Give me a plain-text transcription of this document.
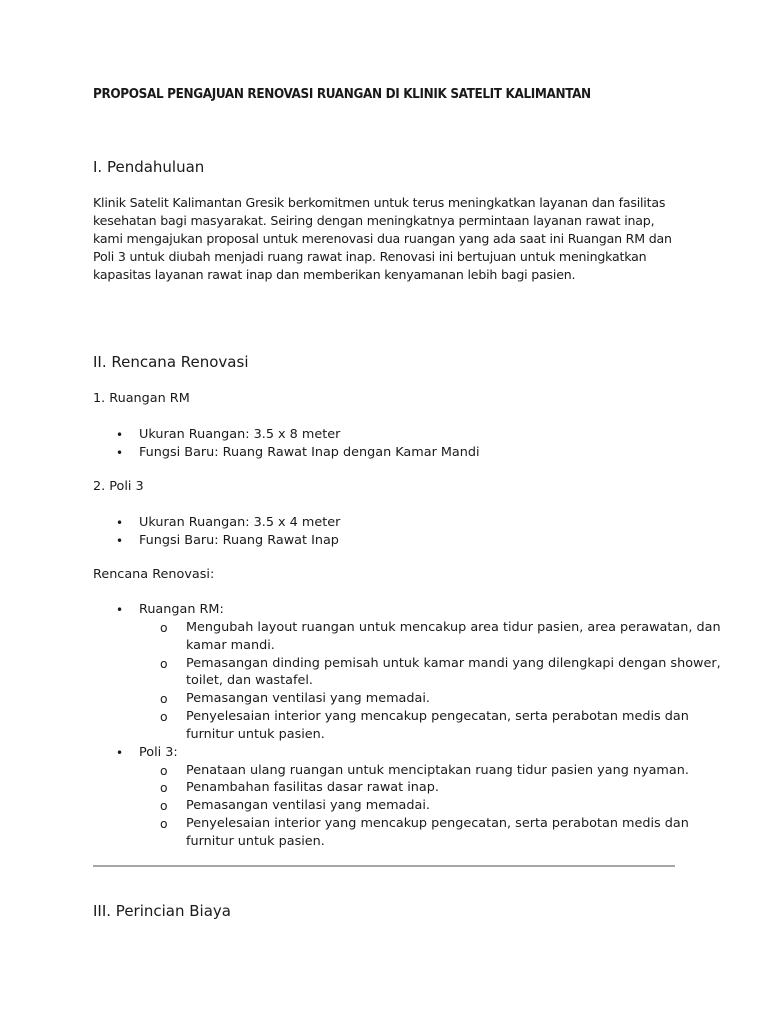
PROPOSAL PENGAJUAN RENOVASI RUANGAN DI KLINIK SATELIT KALIMANTAN
I. Pendahuluan
Klinik Satelit Kalimantan Gresik berkomitmen untuk terus meningkatkan layanan dan fasilitas kesehatan bagi masyarakat. Seiring dengan meningkatnya permintaan layanan rawat inap, kami mengajukan proposal untuk merenovasi dua ruangan yang ada saat ini Ruangan RM dan Poli 3 untuk diubah menjadi ruang rawat inap. Renovasi ini bertujuan untuk meningkatkan kapasitas layanan rawat inap dan memberikan kenyamanan lebih bagi pasien.
II. Rencana Renovasi
1. Ruangan RM
• Ukuran Ruangan: 3.5 x 8 meter
• Fungsi Baru: Ruang Rawat Inap dengan Kamar Mandi
2. Poli 3
• Ukuran Ruangan: 3.5 x 4 meter
• Fungsi Baru: Ruang Rawat Inap
Rencana Renovasi:
• Ruangan RM:
o Mengubah layout ruangan untuk mencakup area tidur pasien, area perawatan, dan kamar mandi.
o Pemasangan dinding pemisah untuk kamar mandi yang dilengkapi dengan shower, toilet, dan wastafel.
o Pemasangan ventilasi yang memadai.
o Penyelesaian interior yang mencakup pengecatan, serta perabotan medis dan furnitur untuk pasien.
• Poli 3:
o Penataan ulang ruangan untuk menciptakan ruang tidur pasien yang nyaman.
o Penambahan fasilitas dasar rawat inap.
o Pemasangan ventilasi yang memadai.
o Penyelesaian interior yang mencakup pengecatan, serta perabotan medis dan furnitur untuk pasien.
III. Perincian Biaya
